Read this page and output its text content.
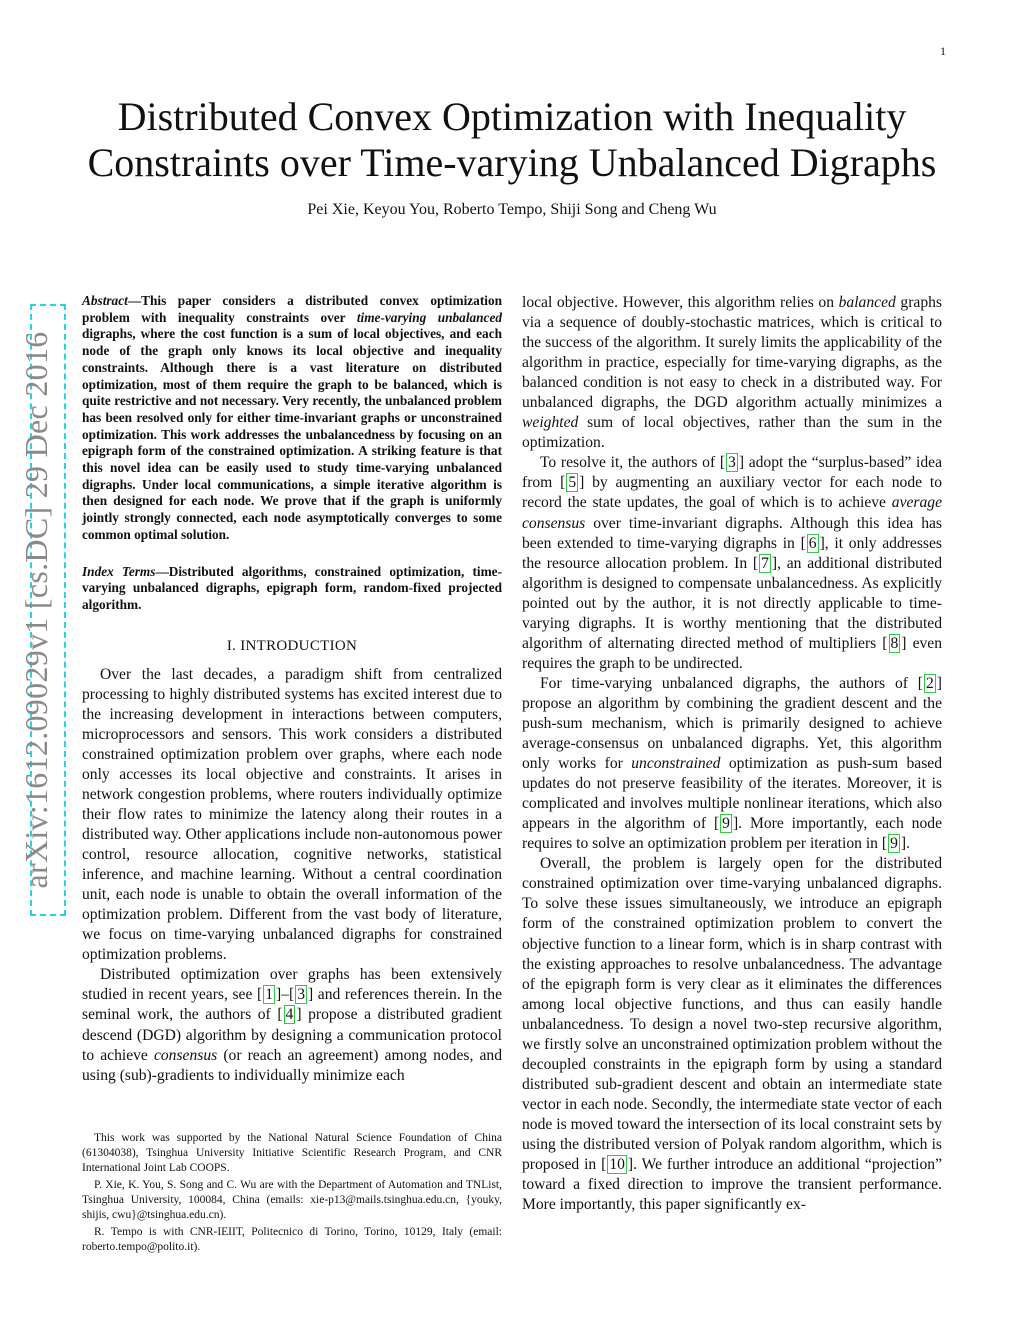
1
arXiv:1612.09029v1 [cs.DC] 29 Dec 2016
Distributed Convex Optimization with Inequality
Constraints over Time-varying Unbalanced Digraphs
Pei Xie, Keyou You, Roberto Tempo, Shiji Song and Cheng Wu

Abstract—This paper considers a distributed convex optimization problem with inequality constraints over time-varying unbalanced digraphs, where the cost function is a sum of local objectives, and each node of the graph only knows its local objective and inequality constraints. Although there is a vast literature on distributed optimization, most of them require the graph to be balanced, which is quite restrictive and not necessary. Very recently, the unbalanced problem has been resolved only for either time-invariant graphs or unconstrained optimization. This work addresses the unbalancedness by focusing on an epigraph form of the constrained optimization. A striking feature is that this novel idea can be easily used to study time-varying unbalanced digraphs. Under local communications, a simple iterative algorithm is then designed for each node. We prove that if the graph is uniformly jointly strongly connected, each node asymptotically converges to some common optimal solution.

Index Terms—Distributed algorithms, constrained optimization, time-varying unbalanced digraphs, epigraph form, random-fixed projected algorithm.

I. INTRODUCTION

Over the last decades, a paradigm shift from centralized processing to highly distributed systems has excited interest due to the increasing development in interactions between computers, microprocessors and sensors. This work considers a distributed constrained optimization problem over graphs, where each node only accesses its local objective and constraints. It arises in network congestion problems, where routers individually optimize their flow rates to minimize the latency along their routes in a distributed way. Other applications include non-autonomous power control, resource allocation, cognitive networks, statistical inference, and machine learning. Without a central coordination unit, each node is unable to obtain the overall information of the optimization problem. Different from the vast body of literature, we focus on time-varying unbalanced digraphs for constrained optimization problems.

Distributed optimization over graphs has been extensively studied in recent years, see [ 1 ]–[ 3 ] and references therein. In the seminal work, the authors of [ 4 ] propose a distributed gradient descend (DGD) algorithm by designing a communication protocol to achieve consensus (or reach an agreement) among nodes, and using (sub)-gradients to individually minimize each

This work was supported by the National Natural Science Foundation of China (61304038), Tsinghua University Initiative Scientific Research Program, and CNR International Joint Lab COOPS.

P. Xie, K. You, S. Song and C. Wu are with the Department of Automation and TNList, Tsinghua University, 100084, China (emails: xie-p13@mails.tsinghua.edu.cn, {youky, shijis, cwu}@tsinghua.edu.cn).

R. Tempo is with CNR-IEIIT, Politecnico di Torino, Torino, 10129, Italy (email: roberto.tempo@polito.it).

local objective. However, this algorithm relies on balanced graphs via a sequence of doubly-stochastic matrices, which is critical to the success of the algorithm. It surely limits the applicability of the algorithm in practice, especially for time-varying digraphs, as the balanced condition is not easy to check in a distributed way. For unbalanced digraphs, the DGD algorithm actually minimizes a weighted sum of local objectives, rather than the sum in the optimization.

To resolve it, the authors of [ 3 ] adopt the “surplus-based” idea from [ 5 ] by augmenting an auxiliary vector for each node to record the state updates, the goal of which is to achieve average consensus over time-invariant digraphs. Although this idea has been extended to time-varying digraphs in [ 6 ], it only addresses the resource allocation problem. In [ 7 ], an additional distributed algorithm is designed to compensate unbalancedness. As explicitly pointed out by the author, it is not directly applicable to time-varying digraphs. It is worthy mentioning that the distributed algorithm of alternating directed method of multipliers [ 8 ] even requires the graph to be undirected.

For time-varying unbalanced digraphs, the authors of [ 2 ] propose an algorithm by combining the gradient descent and the push-sum mechanism, which is primarily designed to achieve average-consensus on unbalanced digraphs. Yet, this algorithm only works for unconstrained optimization as push-sum based updates do not preserve feasibility of the iterates. Moreover, it is complicated and involves multiple nonlinear iterations, which also appears in the algorithm of [ 9 ]. More importantly, each node requires to solve an optimization problem per iteration in [ 9 ].

Overall, the problem is largely open for the distributed constrained optimization over time-varying unbalanced digraphs. To solve these issues simultaneously, we introduce an epigraph form of the constrained optimization problem to convert the objective function to a linear form, which is in sharp contrast with the existing approaches to resolve unbalancedness. The advantage of the epigraph form is very clear as it eliminates the differences among local objective functions, and thus can easily handle unbalancedness. To design a novel two-step recursive algorithm, we firstly solve an unconstrained optimization problem without the decoupled constraints in the epigraph form by using a standard distributed sub-gradient descent and obtain an intermediate state vector in each node. Secondly, the intermediate state vector of each node is moved toward the intersection of its local constraint sets by using the distributed version of Polyak random algorithm, which is proposed in [ 10 ]. We further introduce an additional “projection” toward a fixed direction to improve the transient performance. More importantly, this paper significantly ex-
